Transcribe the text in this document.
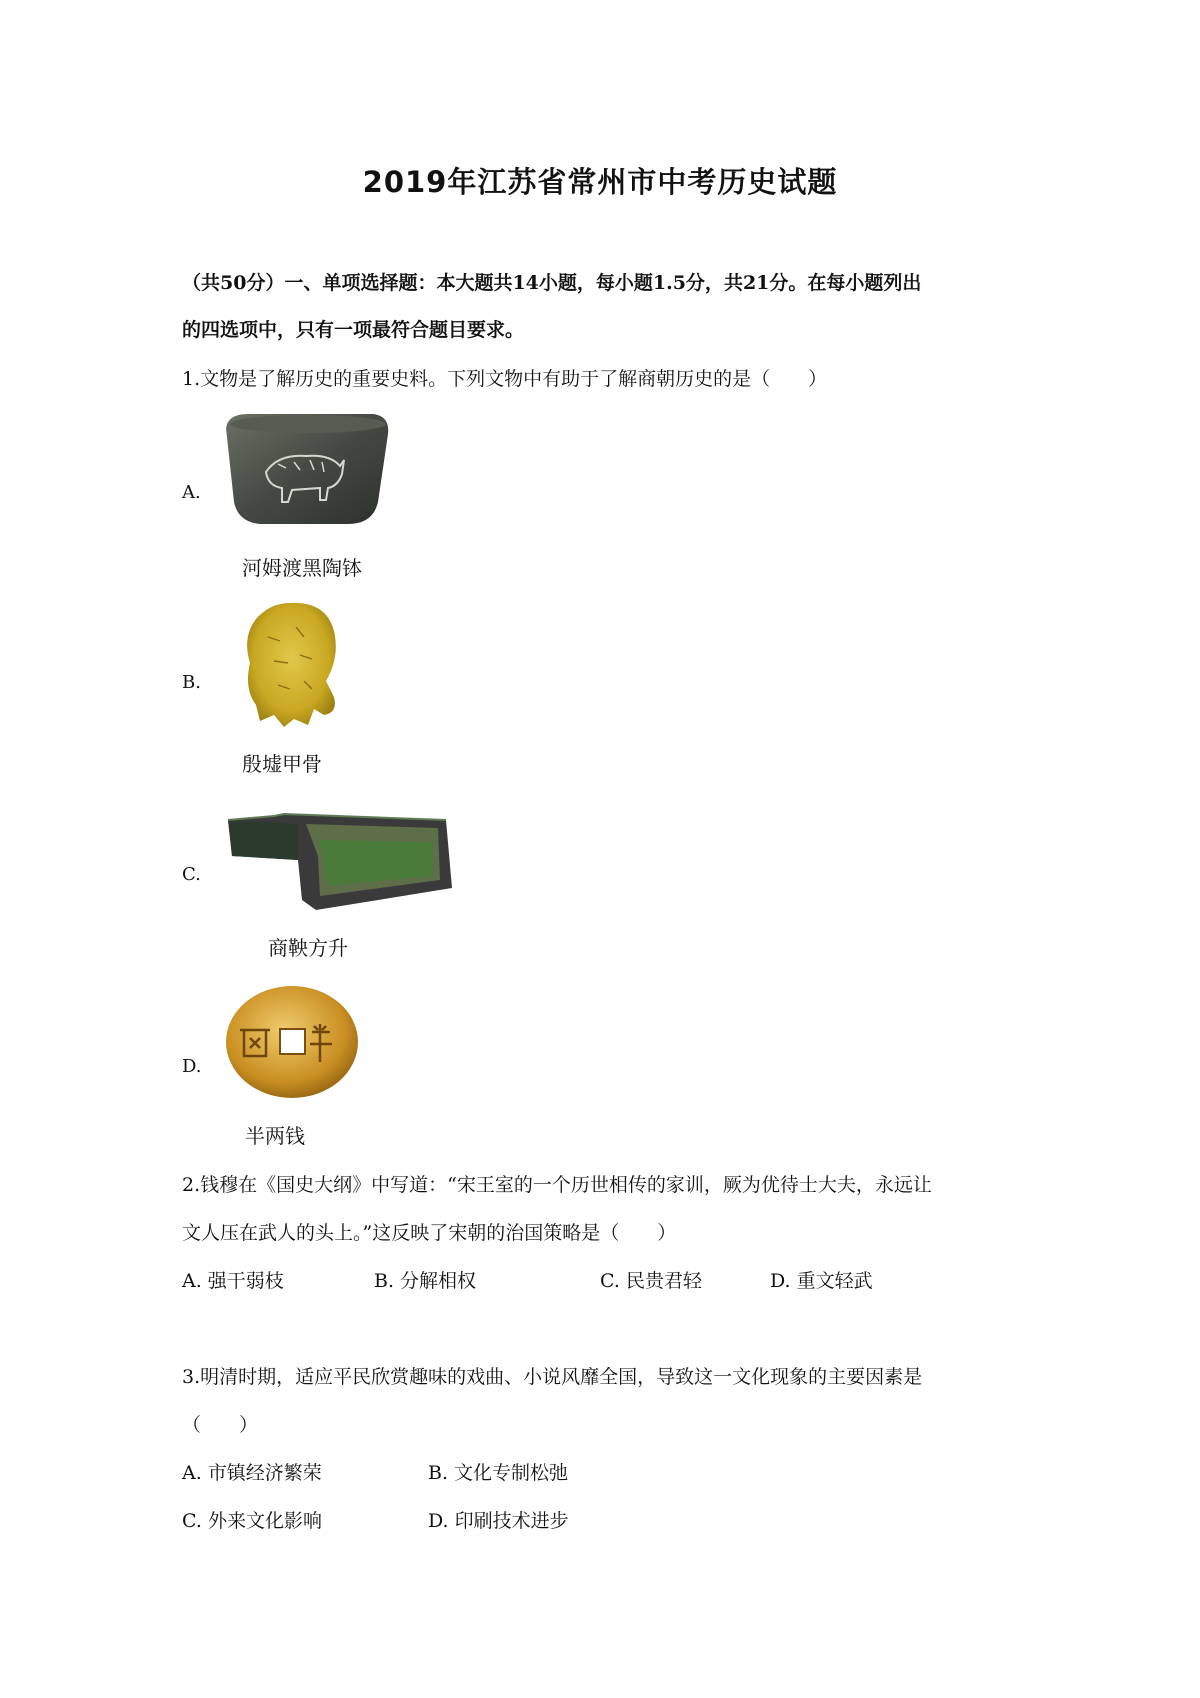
2019年江苏省常州市中考历史试题
（共50分）一、单项选择题：本大题共14小题，每小题1.5分，共21分。在每小题列出
的四选项中，只有一项最符合题目要求。
1.文物是了解历史的重要史料。下列文物中有助于了解商朝历史的是（　　）
A.
河姆渡黑陶钵
B.
殷墟甲骨
C.
商鞅方升
D.
半两钱
2.钱穆在《国史大纲》中写道：“宋王室的一个历世相传的家训，厥为优待士大夫，永远让
文人压在武人的头上。”这反映了宋朝的治国策略是（　　）
A. 强干弱枝	B. 分解相权	C. 民贵君轻	D. 重文轻武
3.明清时期，适应平民欣赏趣味的戏曲、小说风靡全国，导致这一文化现象的主要因素是
（　　）
A. 市镇经济繁荣	B. 文化专制松弛
C. 外来文化影响	D. 印刷技术进步
